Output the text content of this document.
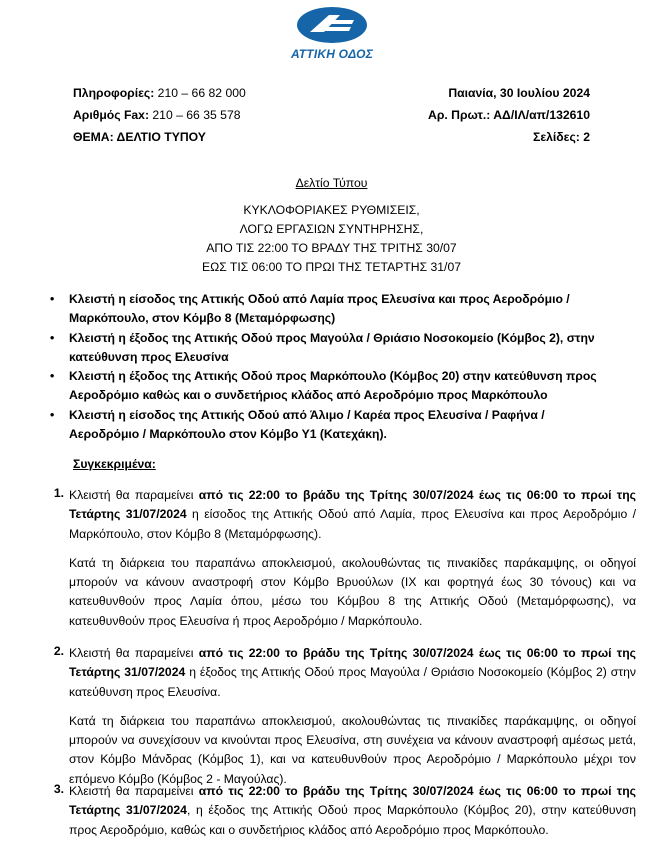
ΑΤΤΙΚΗ ΟΔΟΣ
Πληροφορίες: 210 – 66 82 000
Αριθμός Fax: 210 – 66 35 578
ΘΕΜΑ: ΔΕΛΤΙΟ ΤΥΠΟΥ
Παιανία, 30 Ιουλίου 2024
Αρ. Πρωτ.: ΑΔ/ΙΛ/απ/132610
Σελίδες: 2
Δελτίο Τύπου
ΚΥΚΛΟΦΟΡΙΑΚΕΣ ΡΥΘΜΙΣΕΙΣ,
ΛΟΓΩ ΕΡΓΑΣΙΩΝ ΣΥΝΤΗΡΗΣΗΣ,
ΑΠΟ ΤΙΣ 22:00 ΤΟ ΒΡΑΔΥ ΤΗΣ ΤΡΙΤΗΣ 30/07
ΕΩΣ ΤΙΣ 06:00 ΤΟ ΠΡΩΙ ΤΗΣ ΤΕΤΑΡΤΗΣ 31/07
• Κλειστή η είσοδος της Αττικής Οδού από Λαμία προς Ελευσίνα και προς Αεροδρόμιο / Μαρκόπουλο, στον Κόμβο 8 (Μεταμόρφωσης)
• Κλειστή η έξοδος της Αττικής Οδού προς Μαγούλα / Θριάσιο Νοσοκομείο (Κόμβος 2), στην κατεύθυνση προς Ελευσίνα
• Κλειστή η έξοδος της Αττικής Οδού προς Μαρκόπουλο (Κόμβος 20) στην κατεύθυνση προς Αεροδρόμιο καθώς και ο συνδετήριος κλάδος από Αεροδρόμιο προς Μαρκόπουλο
• Κλειστή η είσοδος της Αττικής Οδού από Άλιμο / Καρέα προς Ελευσίνα / Ραφήνα / Αεροδρόμιο / Μαρκόπουλο στον Κόμβο Υ1 (Κατεχάκη).
Συγκεκριμένα:
1. Κλειστή θα παραμείνει από τις 22:00 το βράδυ της Τρίτης 30/07/2024 έως τις 06:00 το πρωί της Τετάρτης 31/07/2024 η είσοδος της Αττικής Οδού από Λαμία, προς Ελευσίνα και προς Αεροδρόμιο / Μαρκόπουλο, στον Κόμβο 8 (Μεταμόρφωσης).

Κατά τη διάρκεια του παραπάνω αποκλεισμού, ακολουθώντας τις πινακίδες παράκαμψης, οι οδηγοί μπορούν να κάνουν αναστροφή στον Κόμβο Βρυούλων (ΙΧ και φορτηγά έως 30 τόνους) και να κατευθυνθούν προς Λαμία όπου, μέσω του Κόμβου 8 της Αττικής Οδού (Μεταμόρφωσης), να κατευθυνθούν προς Ελευσίνα ή προς Αεροδρόμιο / Μαρκόπουλο.

2. Κλειστή θα παραμείνει από τις 22:00 το βράδυ της Τρίτης 30/07/2024 έως τις 06:00 το πρωί της Τετάρτης 31/07/2024 η έξοδος της Αττικής Οδού προς Μαγούλα / Θριάσιο Νοσοκομείο (Κόμβος 2) στην κατεύθυνση προς Ελευσίνα.

Κατά τη διάρκεια του παραπάνω αποκλεισμού, ακολουθώντας τις πινακίδες παράκαμψης, οι οδηγοί μπορούν να συνεχίσουν να κινούνται προς Ελευσίνα, στη συνέχεια να κάνουν αναστροφή αμέσως μετά, στον Κόμβο Μάνδρας (Κόμβος 1), και να κατευθυνθούν προς Αεροδρόμιο / Μαρκόπουλο μέχρι τον επόμενο Κόμβο (Κόμβος 2 - Μαγούλας).

3. Κλειστή θα παραμείνει από τις 22:00 το βράδυ της Τρίτης 30/07/2024 έως τις 06:00 το πρωί της Τετάρτης 31/07/2024, η έξοδος της Αττικής Οδού προς Μαρκόπουλο (Κόμβος 20), στην κατεύθυνση προς Αεροδρόμιο, καθώς και ο συνδετήριος κλάδος από Αεροδρόμιο προς Μαρκόπουλο.
